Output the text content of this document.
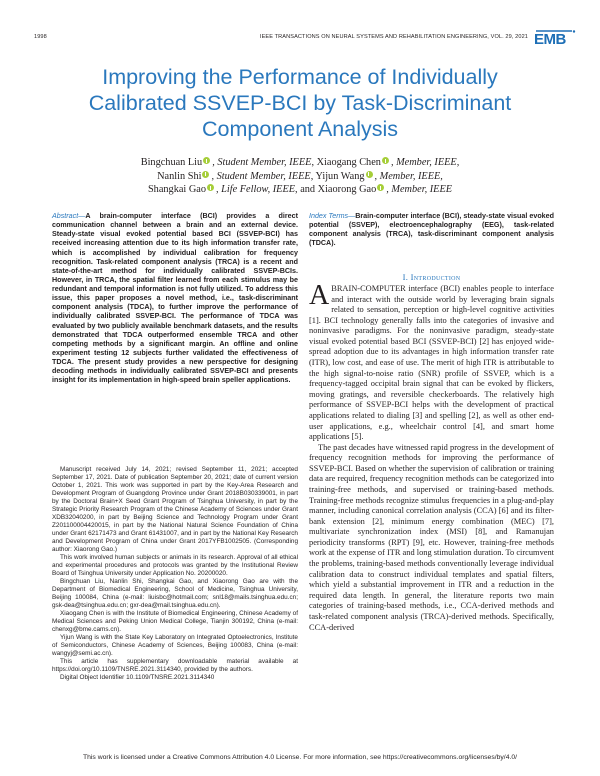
1998	IEEE TRANSACTIONS ON NEURAL SYSTEMS AND REHABILITATION ENGINEERING, VOL. 29, 2021 EMB
Improving the Performance of Individually Calibrated SSVEP-BCI by Task-Discriminant Component Analysis
Bingchuan Liu , Student Member, IEEE, Xiaogang Chen , Member, IEEE,
Nanlin Shi , Student Member, IEEE, Yijun Wang , Member, IEEE,
Shangkai Gao , Life Fellow, IEEE, and Xiaorong Gao , Member, IEEE
Abstract—A brain-computer interface (BCI) provides a direct communication channel between a brain and an external device. Steady-state visual evoked potential based BCI (SSVEP-BCI) has received increasing attention due to its high information transfer rate, which is accomplished by individual calibration for frequency recognition. Task-related component analysis (TRCA) is a recent and state-of-the-art method for individually calibrated SSVEP-BCIs. However, in TRCA, the spatial filter learned from each stimulus may be redundant and temporal information is not fully utilized. To address this issue, this paper proposes a novel method, i.e., task-discriminant component analysis (TDCA), to further improve the performance of individually calibrated SSVEP-BCI. The performance of TDCA was evaluated by two publicly available benchmark datasets, and the results demonstrated that TDCA outperformed ensemble TRCA and other competing methods by a significant margin. An offline and online experiment testing 12 subjects further validated the effectiveness of TDCA. The present study provides a new perspective for designing decoding methods in individually calibrated SSVEP-BCI and presents insight for its implementation in high-speed brain speller applications.
Index Terms—Brain-computer interface (BCI), steady-state visual evoked potential (SSVEP), electroencephalography (EEG), task-related component analysis (TRCA), task-discriminant component analysis (TDCA).

Manuscript received July 14, 2021; revised September 11, 2021; accepted September 17, 2021. Date of publication September 20, 2021; date of current version October 1, 2021. This work was supported in part by the Key-Area Research and Development Program of Guangdong Province under Grant 2018B030339001, in part by the Doctoral Brain+X Seed Grant Program of Tsinghua University, in part by the Strategic Priority Research Program of the Chinese Academy of Sciences under Grant XDB32040200, in part by Beijing Science and Technology Program under Grant Z201100004420015, in part by the National Natural Science Foundation of China under Grant 62171473 and Grant 61431007, and in part by the National Key Research and Development Program of China under Grant 2017YFB1002505. (Corresponding author: Xiaorong Gao.)

This work involved human subjects or animals in its research. Approval of all ethical and experimental procedures and protocols was granted by the Institutional Review Board of Tsinghua University under Application No. 20200020.

Bingchuan Liu, Nanlin Shi, Shangkai Gao, and Xiaorong Gao are with the Department of Biomedical Engineering, School of Medicine, Tsinghua University, Beijing 100084, China (e-mail: liuisbc@hotmail.com; snl18@mails.tsinghua.edu.cn; gsk-dea@tsinghua.edu.cn; gxr-dea@mail.tsinghua.edu.cn).

Xiaogang Chen is with the Institute of Biomedical Engineering, Chinese Academy of Medical Sciences and Peking Union Medical College, Tianjin 300192, China (e-mail: chenxg@bme.cams.cn).

Yijun Wang is with the State Key Laboratory on Integrated Optoelectronics, Institute of Semiconductors, Chinese Academy of Sciences, Beijing 100083, China (e-mail: wangyj@semi.ac.cn).

This article has supplementary downloadable material available at https://doi.org/10.1109/TNSRE.2021.3114340, provided by the authors.

Digital Object Identifier 10.1109/TNSRE.2021.3114340

I. Introduction

ABRAIN-COMPUTER interface (BCI) enables people to interface and interact with the outside world by leveraging brain signals related to sensation, perception or high-level cognitive activities [1]. BCI technology generally falls into the categories of invasive and noninvasive paradigms. For the noninvasive paradigm, steady-state visual evoked potential based BCI (SSVEP-BCI) [2] has enjoyed wide-spread adoption due to its advantages in high information transfer rate (ITR), low cost, and ease of use. The merit of high ITR is attributable to the high signal-to-noise ratio (SNR) profile of SSVEP, which is a frequency-tagged occipital brain signal that can be evoked by flickers, moving gratings, and reversible checkerboards. The relatively high performance of SSVEP-BCI helps with the development of practical applications related to dialing [3] and spelling [2], as well as other end-user applications, e.g., wheelchair control [4], and smart home applications [5].

The past decades have witnessed rapid progress in the development of frequency recognition methods for improving the performance of SSVEP-BCI. Based on whether the supervision of calibration or training data are required, frequency recognition methods can be categorized into training-free methods, and supervised or training-based methods. Training-free methods recognize stimulus frequencies in a plug-and-play manner, including canonical correlation analysis (CCA) [6] and its filter-bank extension [2], minimum energy combination (MEC) [7], multivariate synchronization index (MSI) [8], and Ramanujan periodicity transforms (RPT) [9], etc. However, training-free methods work at the expense of ITR and long stimulation duration. To circumvent the problems, training-based methods conventionally leverage individual calibration data to construct individual templates and spatial filters, which yield a substantial improvement in ITR and a reduction in the required data length. In general, the literature reports two main categories of training-based methods, i.e., CCA-derived methods and task-related component analysis (TRCA)-derived methods. Specifically, CCA-derived

This work is licensed under a Creative Commons Attribution 4.0 License. For more information, see https://creativecommons.org/licenses/by/4.0/
